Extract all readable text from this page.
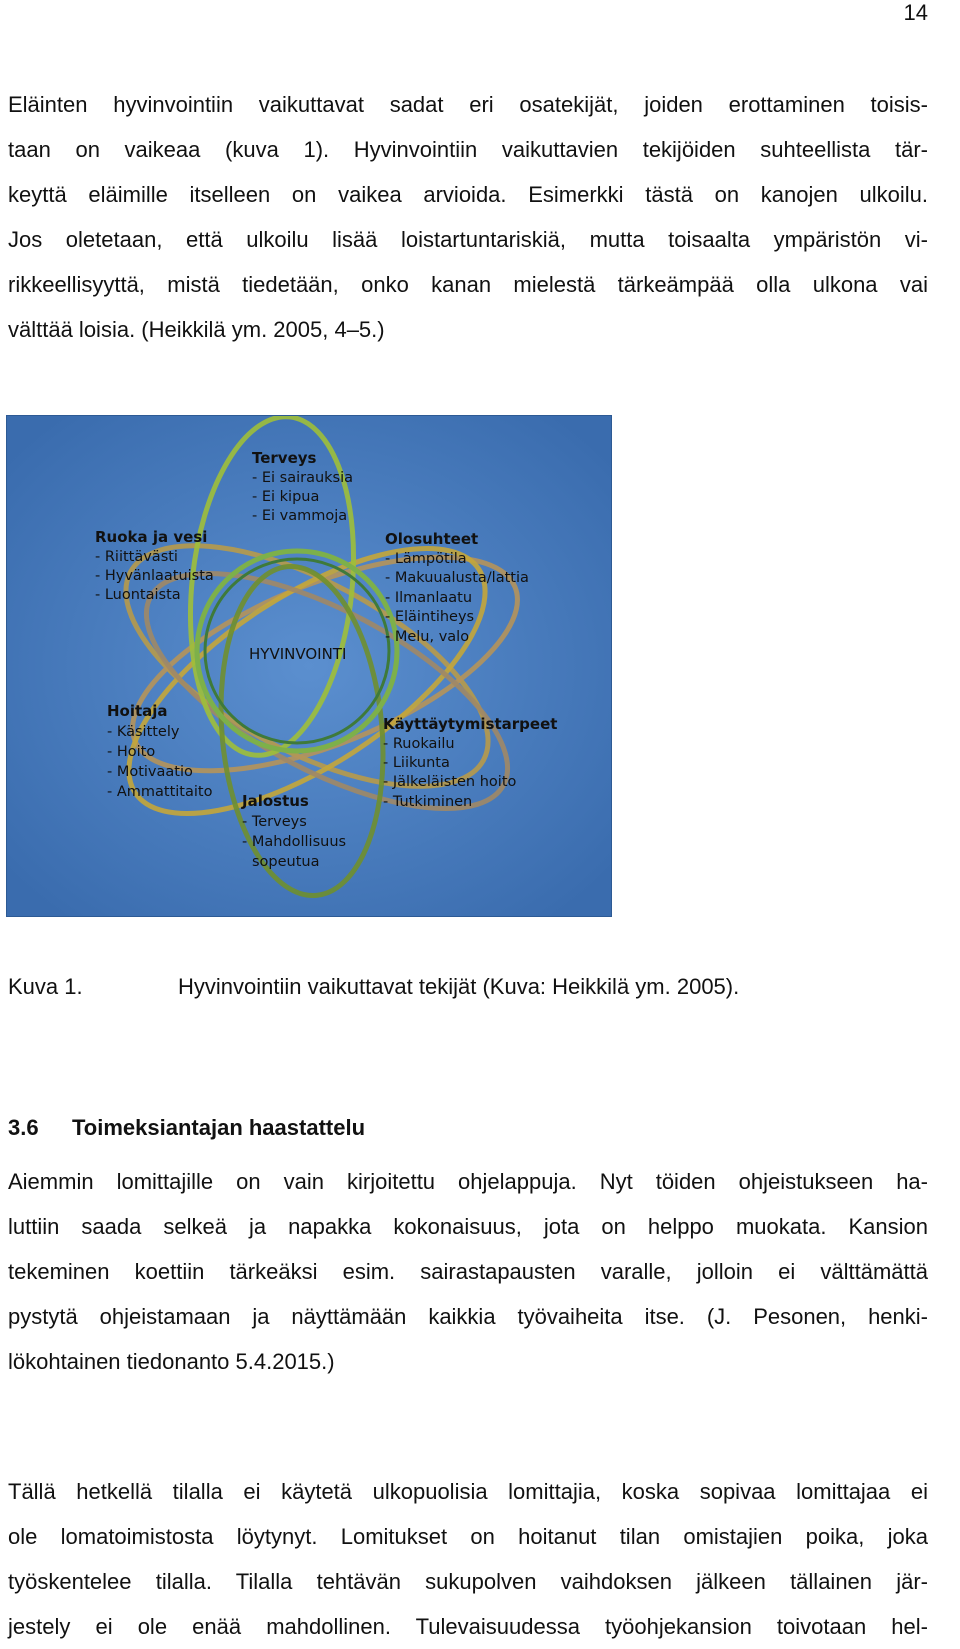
14
Eläinten hyvinvointiin vaikuttavat sadat eri osatekijät, joiden erottaminen toisis-
taan on vaikeaa (kuva 1). Hyvinvointiin vaikuttavien tekijöiden suhteellista tär-
keyttä eläimille itselleen on vaikea arvioida. Esimerkki tästä on kanojen ulkoilu.
Jos oletetaan, että ulkoilu lisää loistartuntariskiä, mutta toisaalta ympäristön vi-
rikkeellisyyttä, mistä tiedetään, onko kanan mielestä tärkeämpää olla ulkona vai
välttää loisia. (Heikkilä ym. 2005, 4–5.)
HYVINVOINTI
Terveys
- Ei sairauksia
- Ei kipua
- Ei vammoja
Ruoka ja vesi
- Riittävästi
- Hyvänlaatuista
- Luontaista
Olosuhteet
- Lämpötila
- Makuualusta/lattia
- Ilmanlaatu
- Eläintiheys
- Melu, valo
Hoitaja
- Käsittely
- Hoito
- Motivaatio
- Ammattitaito
Käyttäytymistarpeet
- Ruokailu
- Liikunta
- Jälkeläisten hoito
- Tutkiminen
Jalostus
- Terveys
- Mahdollisuus
sopeutua
Kuva 1.	Hyvinvointiin vaikuttavat tekijät (Kuva: Heikkilä ym. 2005).
3.6 Toimeksiantajan haastattelu
Aiemmin lomittajille on vain kirjoitettu ohjelappuja. Nyt töiden ohjeistukseen ha-
luttiin saada selkeä ja napakka kokonaisuus, jota on helppo muokata. Kansion
tekeminen koettiin tärkeäksi esim. sairastapausten varalle, jolloin ei välttämättä
pystytä ohjeistamaan ja näyttämään kaikkia työvaiheita itse. (J. Pesonen, henki-
lökohtainen tiedonanto 5.4.2015.)
Tällä hetkellä tilalla ei käytetä ulkopuolisia lomittajia, koska sopivaa lomittajaa ei
ole lomatoimistosta löytynyt. Lomitukset on hoitanut tilan omistajien poika, joka
työskentelee tilalla. Tilalla tehtävän sukupolven vaihdoksen jälkeen tällainen jär-
jestely ei ole enää mahdollinen. Tulevaisuudessa työohjekansion toivotaan hel-
